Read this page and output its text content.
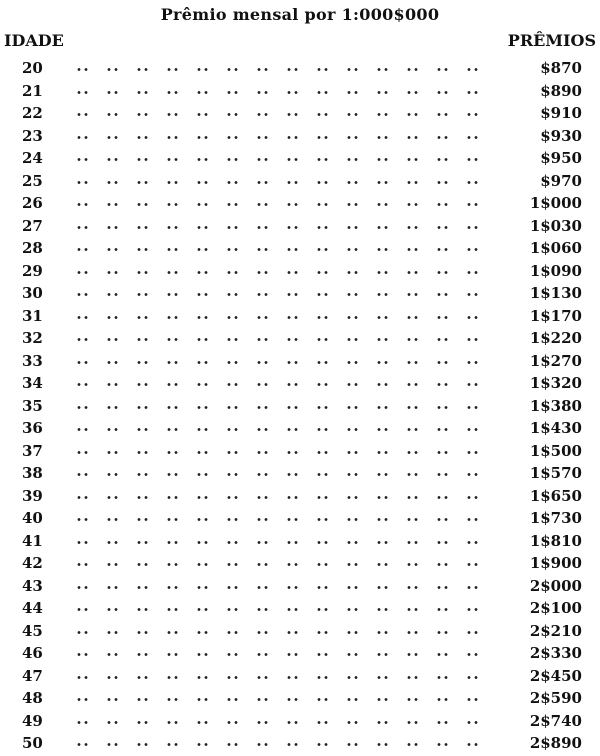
Prêmio mensal por 1:000$000
IDADE	PRÊMIOS
20	$870
21	$890
22	$910
23	$930
24	$950
25	$970
26	1$000
27	1$030
28	1$060
29	1$090
30	1$130
31	1$170
32	1$220
33	1$270
34	1$320
35	1$380
36	1$430
37	1$500
38	1$570
39	1$650
40	1$730
41	1$810
42	1$900
43	2$000
44	2$100
45	2$210
46	2$330
47	2$450
48	2$590
49	2$740
50	2$890
